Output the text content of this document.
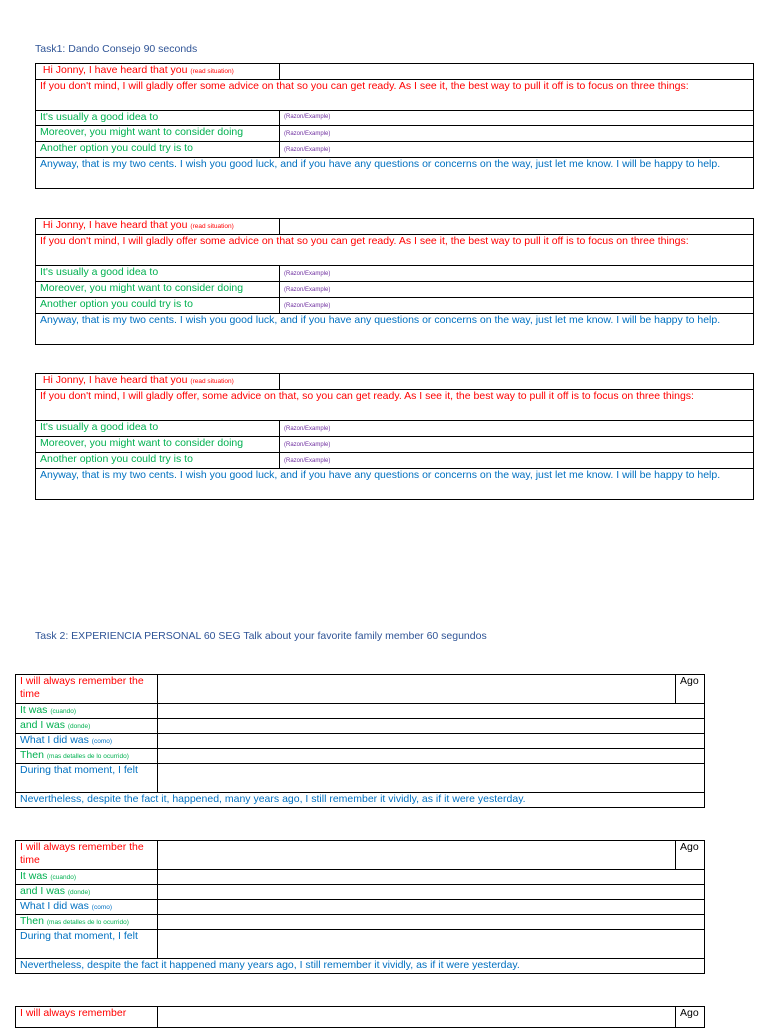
Task1: Dando Consejo 90 seconds
Hi Jonny, I have heard that you (read situation)	
If you don't mind, I will gladly offer some advice on that so you can get ready. As I see it, the best way to pull it off is to focus on three things:	
It's usually a good idea to	$^{(Razon/Example)}$
Moreover, you might want to consider doing	(Razon/Example)
Another option you could try is to	(Razon/Example)
Anyway, that is my two cents. I wish you good luck, and if you have any questions or concerns on the way, just let me know. I will be happy to help.	
Hi Jonny, I have heard that you (read situation)	
If you don't mind, I will gladly offer some advice on that so you can get ready. As I see it, the best way to pull it off is to focus on three things:	
It's usually a good idea to	(Razon/Example)
Moreover, you might want to consider doing	(Razon/Example)
Another option you could try is to	(Razon/Example)
Anyway, that is my two cents. I wish you good luck, and if you have any questions or concerns on the way, just let me know. I will be happy to help.	
Hi Jonny, I have heard that you (read situation)	
If you don't mind, I will gladly offer, some advice on that, so you can get ready. As I see it, the best way to pull it off is to focus on three things:	
It's usually a good idea to	(Razon/Example)
Moreover, you might want to consider doing	(Razon/Example)
Another option you could try is to	(Razon/Example)
Anyway, that is my two cents. I wish you good luck, and if you have any questions or concerns on the way, just let me know. I will be happy to help.	
Task 2: EXPERIENCIA PERSONAL 60 SEG Talk about your favorite family member 60 segundos
I will always remember the time		Ago
It was (cuando)		
and I was (donde)		
What I did was (como)		
Then (mas detalles de lo ocurrido)		
During that moment, I felt		
Nevertheless, despite the fact it, happened, many years ago, I still remember it vividly, as if it were yesterday.		
I will always remember the time		Ago
It was (cuando)		
and I was (donde)		
What I did was (como)		
Then (mas detalles de lo ocurrido)		
During that moment, I felt		
Nevertheless, despite the fact it happened many years ago, I still remember it vividly, as if it were yesterday.		
I will always remember		Ago
